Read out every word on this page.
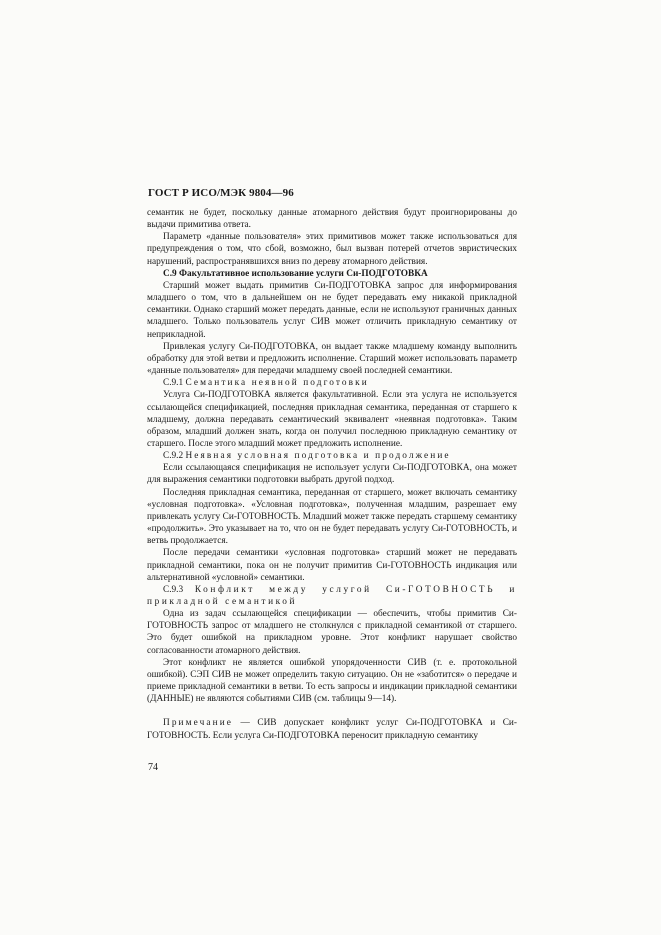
ГОСТ Р ИСО/МЭК 9804—96

семантик не будет, поскольку данные атомарного действия будут проигнорированы до выдачи примитива ответа.

Параметр «данные пользователя» этих примитивов может также использоваться для предупреждения о том, что сбой, возможно, был вызван потерей отчетов эвристических нарушений, распространявшихся вниз по дереву атомарного действия.

С.9 Факультативное использование услуги Си-ПОДГОТОВКА

Старший может выдать примитив Си-ПОДГОТОВКА запрос для информирования младшего о том, что в дальнейшем он не будет передавать ему никакой прикладной семантики. Однако старший может передать данные, если не используют граничных данных младшего. Только пользователь услуг СИВ может отличить прикладную семантику от неприкладной.

Привлекая услугу Си-ПОДГОТОВКА, он выдает также младшему команду выполнить обработку для этой ветви и предложить исполнение. Старший может использовать параметр «данные пользователя» для передачи младшему своей последней семантики.

С.9.1 Семантика неявной подготовки

Услуга Си-ПОДГОТОВКА является факультативной. Если эта услуга не используется ссылающейся спецификацией, последняя прикладная семантика, переданная от старшего к младшему, должна передавать семантический эквивалент «неявная подготовка». Таким образом, младший должен знать, когда он получил последнюю прикладную семантику от старшего. После этого младший может предложить исполнение.

С.9.2 Неявная условная подготовка и продолжение

Если ссылающаяся спецификация не использует услуги Си-ПОДГОТОВКА, она может для выражения семантики подготовки выбрать другой подход.

Последняя прикладная семантика, переданная от старшего, может включать семантику «условная подготовка». «Условная подготовка», полученная младшим, разрешает ему привлекать услугу Си-ГОТОВНОСТЬ. Младший может также передать старшему семантику «продолжить». Это указывает на то, что он не будет передавать услугу Си-ГОТОВНОСТЬ, и ветвь продолжается.

После передачи семантики «условная подготовка» старший может не передавать прикладной семантики, пока он не получит примитив Си-ГОТОВНОСТЬ индикация или альтернативной «условной» семантики.

С.9.3 Конфликт между услугой Си-ГОТОВНОСТЬ и прикладной семантикой

Одна из задач ссылающейся спецификации — обеспечить, чтобы примитив Си-ГОТОВНОСТЬ запрос от младшего не столкнулся с прикладной семантикой от старшего. Это будет ошибкой на прикладном уровне. Этот конфликт нарушает свойство согласованности атомарного действия.

Этот конфликт не является ошибкой упорядоченности СИВ (т. е. протокольной ошибкой). СЭП СИВ не может определить такую ситуацию. Он не «заботится» о передаче и приеме прикладной семантики в ветви. То есть запросы и индикации прикладной семантики (ДАННЫЕ) не являются событиями СИВ (см. таблицы 9—14).

Примечание — СИВ допускает конфликт услуг Си-ПОДГОТОВКА и Си-ГОТОВНОСТЬ. Если услуга Си-ПОДГОТОВКА переносит прикладную семантику

74
